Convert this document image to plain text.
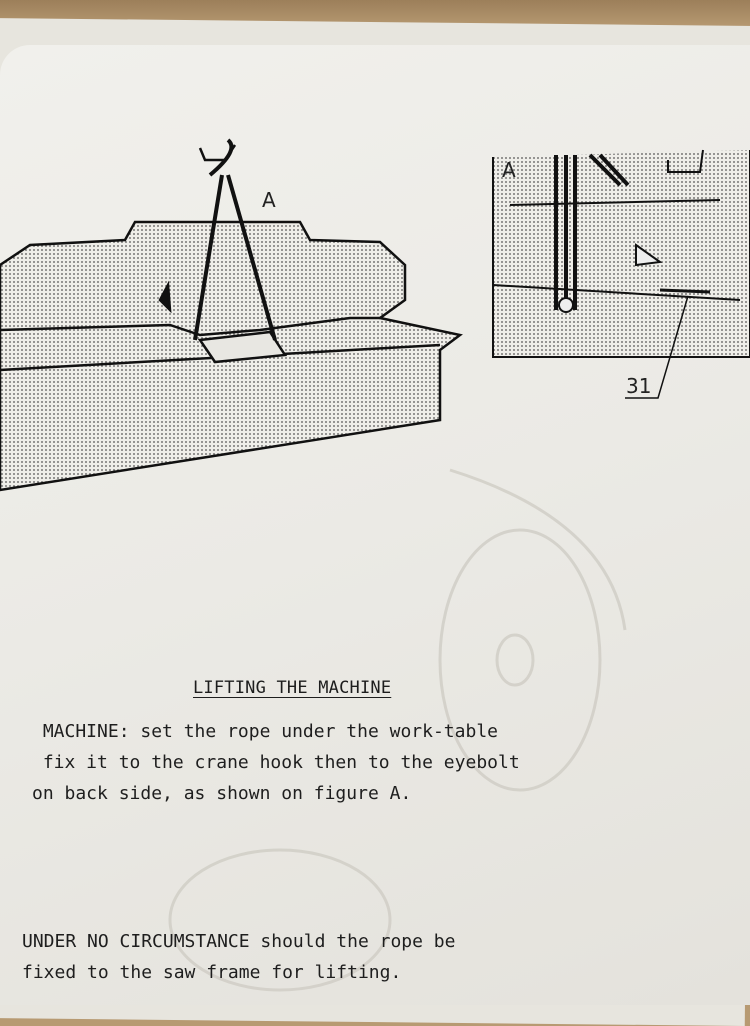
A
A
31
LIFTING THE MACHINE
MACHINE: set the rope under the work-table
fix it to the crane hook then to the eyebolt
on back side, as shown on figure A.
UNDER NO CIRCUMSTANCE should the rope be
fixed to the saw frame for lifting.
